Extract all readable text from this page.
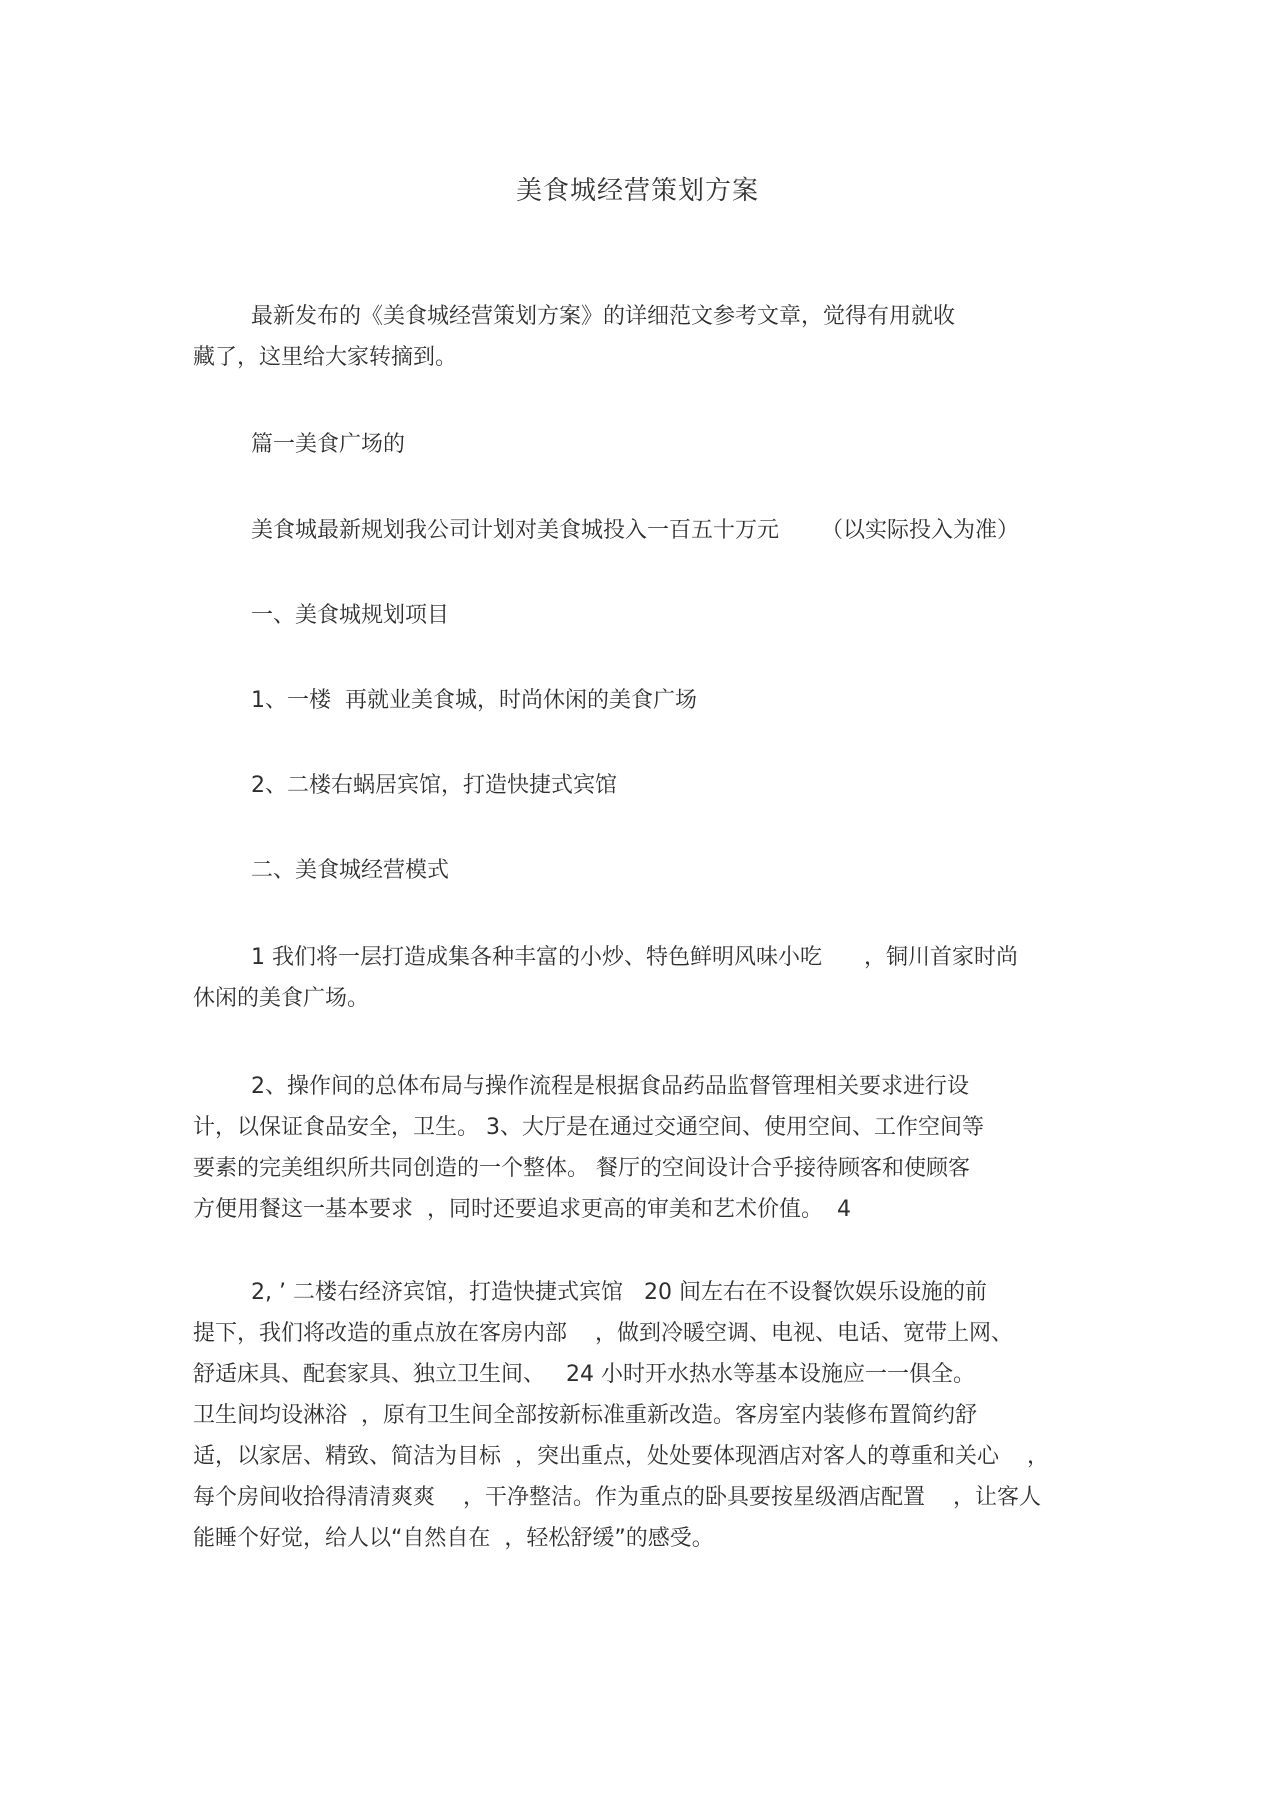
美食城经营策划方案
最新发布的《美食城经营策划方案》的详细范文参考文章，觉得有用就收
藏了，这里给大家转摘到。
篇一美食广场的
美食城最新规划我公司计划对美食城投入一百五十万元      （以实际投入为准）
一、美食城规划项目
1、一楼  再就业美食城，时尚休闲的美食广场
2、二楼右蜗居宾馆，打造快捷式宾馆
二、美食城经营模式
1 我们将一层打造成集各种丰富的小炒、特色鲜明风味小吃      ，铜川首家时尚
休闲的美食广场。
2、操作间的总体布局与操作流程是根据食品药品监督管理相关要求进行设
计，以保证食品安全，卫生。 3、大厅是在通过交通空间、使用空间、工作空间等
要素的完美组织所共同创造的一个整体。 餐厅的空间设计合乎接待顾客和使顾客
方便用餐这一基本要求  ，同时还要追求更高的审美和艺术价值。  4
2, ’ 二楼右经济宾馆，打造快捷式宾馆   20 间左右在不设餐饮娱乐设施的前
提下，我们将改造的重点放在客房内部    ，做到冷暖空调、电视、电话、宽带上网、
舒适床具、配套家具、独立卫生间、   24 小时开水热水等基本设施应一一俱全。
卫生间均设淋浴  ，原有卫生间全部按新标准重新改造。客房室内装修布置简约舒
适，以家居、精致、简洁为目标  ，突出重点，处处要体现酒店对客人的尊重和关心    ，
每个房间收拾得清清爽爽    ，干净整洁。作为重点的卧具要按星级酒店配置    ，让客人
能睡个好觉，给人以“自然自在  ，轻松舒缓”的感受。
